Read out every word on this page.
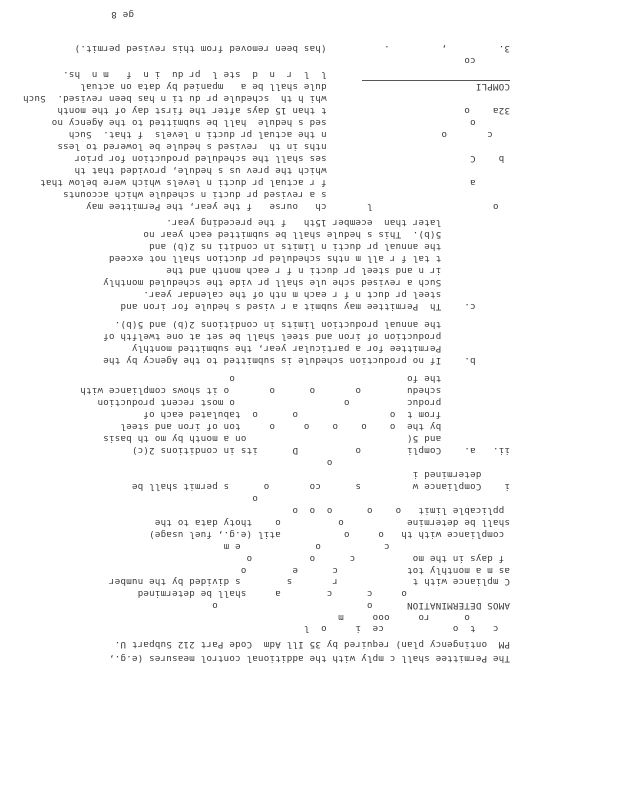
ge 8
The Permittee shall c mply with the additional control measures (e.g.,
PM  ontingency plan) required by 35 Ill Adm  Code Part 212 Subpart U.
c   t  o            ce  i     o  l
o      ro     ooo     m
AMOS DETERMINATION      o                          o
o     c      c        a     shall be determined
C mpliance with t             r       s        s divided by the number
as m a monthly tot            c      e        o
f days in the mo          c      o          o
c           o             e m
compliance with th   o     o           atil (e.g., fuel usage)
shall be determine           o          o    thoty data to the
pplicable limit   o    o      o  o  o
o
i    Compliance w         s      co       o      s permit shall be
determined i
o
ii.   a.    Compli        o          D      its in conditions 2(c)
and 5(                            on a month by mo th basis
by the  o    o    o    o     o     ton of iron and steel
from t  o                o      o  tabulated each of
produc          o                   o most recent production
schedu        o       o      o       o it shows compliance with
the fo                              o
b.    If no production schedule is submitted to the Agency by the
Permittee for a particular year, the submitted monthly
production of iron and steel shall be set at one twelfth of
the annual production limits in conditions 2(b) and 5(b).
c.    Th  Permittee may submit a r vised s hedule for iron and
steel pr duct n f r each m nth of the calendar year.
Such a revised sche ule shall pr vide the scheduled monthly
ir n and steel pr ducti n f r each month and the
t tal f r all m nths scheduled pr duction shall not exceed
the annual pr ducti n limits in conditi ns 2(b) and
5(b).  This s hedule shall be submitted each year no
later than  ecember 15th   f the preceding year.
o                     l       ch   ourse   f the year, the Permittee may
s a revised pr ducti n schedule which accounts
a                         f r actual pr ducti n levels which were below that
which the prev us s hedule, provided that th
b    C                         ses shall the scheduled production for prior
nths in th  revised s hedule be lowered to less
c       o                    n the actual pr ducti n levels  f that.  Such
o                         sed s hedule  hall be submitted to the Agency no
32a    o                        t than 15 days after the first day of the month
whi h th  schedule pr du ti n has been revised.  Such
COMPLI                          dule shall be a   mpanied by data on actual
l  l  r  n  d  ste l  pr du  i n  f   m n  hs.
co
3.         ,         .          (has been removed from this revised permit.)
